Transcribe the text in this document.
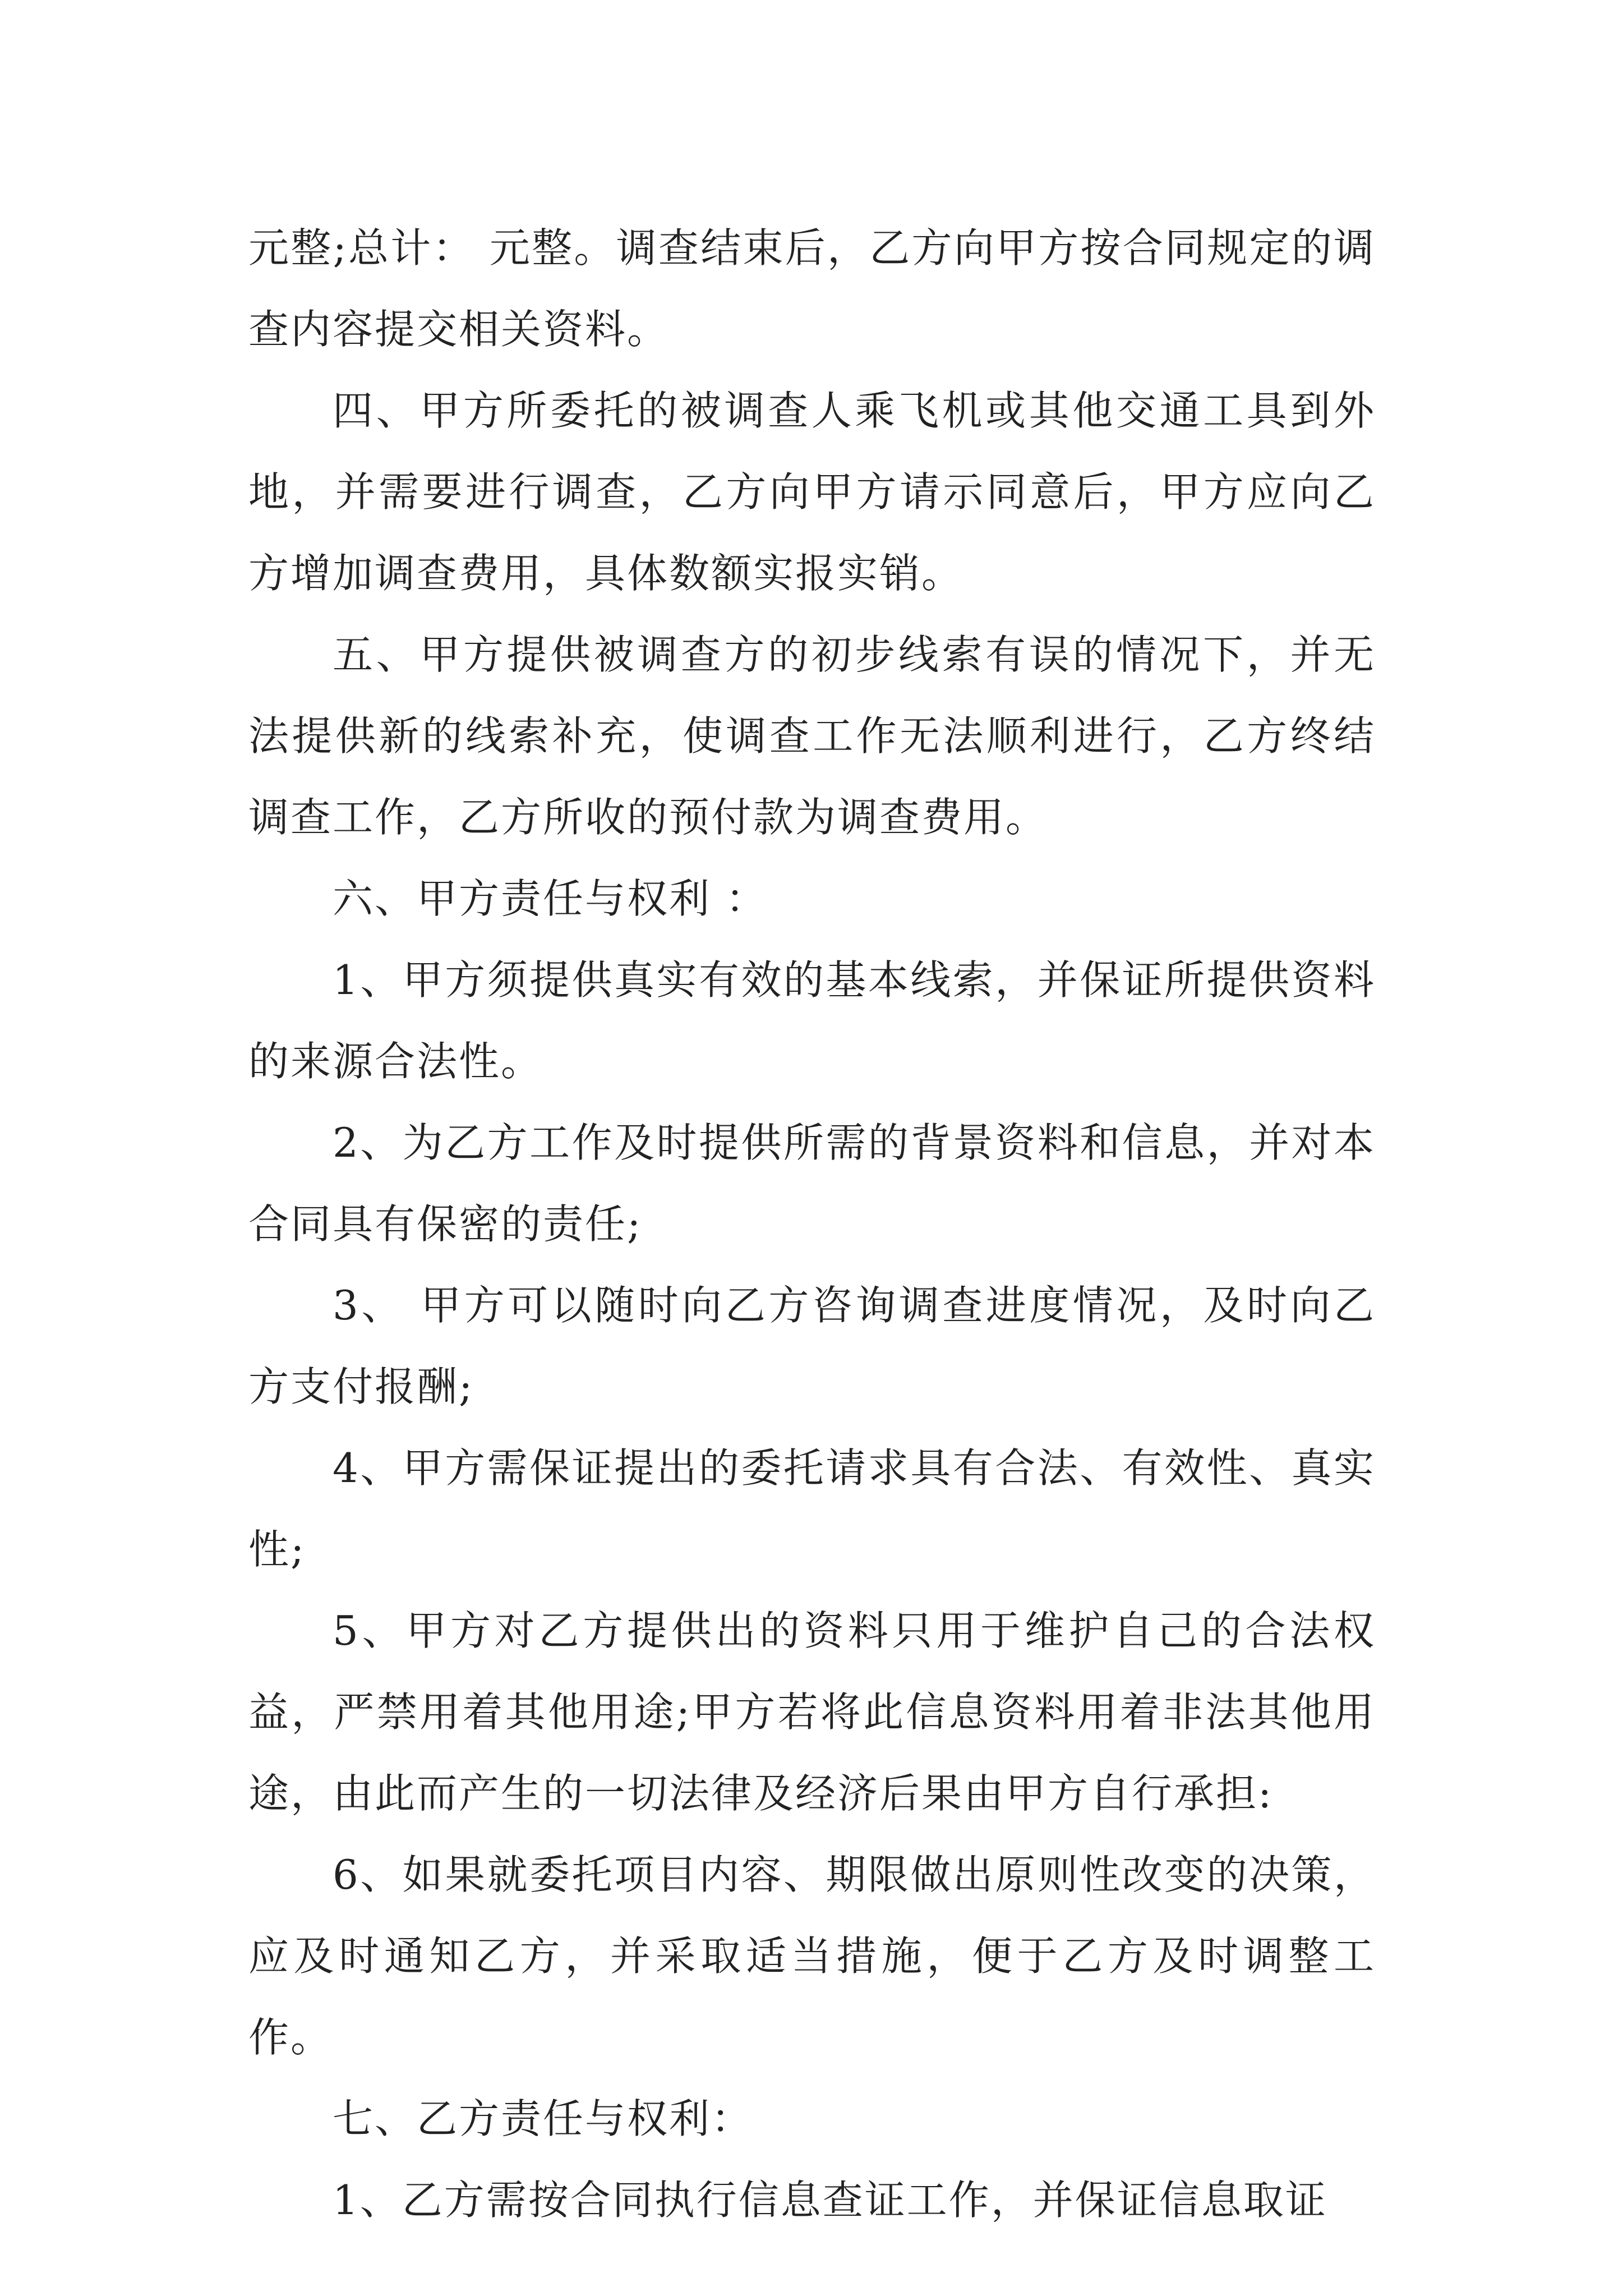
元整;总计： 元整。调查结束后，乙方向甲方按合同规定的调查内容提交相关资料。

四、甲方所委托的被调查人乘飞机或其他交通工具到外地，并需要进行调查，乙方向甲方请示同意后，甲方应向乙方增加调查费用，具体数额实报实销。

五、甲方提供被调查方的初步线索有误的情况下，并无法提供新的线索补充，使调查工作无法顺利进行，乙方终结调查工作，乙方所收的预付款为调查费用。

六、甲方责任与权利 ：

1、甲方须提供真实有效的基本线索，并保证所提供资料的来源合法性。

2、为乙方工作及时提供所需的背景资料和信息，并对本合同具有保密的责任;

3、 甲方可以随时向乙方咨询调查进度情况，及时向乙方支付报酬;

4、甲方需保证提出的委托请求具有合法、有效性、真实性;

5、甲方对乙方提供出的资料只用于维护自己的合法权益，严禁用着其他用途;甲方若将此信息资料用着非法其他用途，由此而产生的一切法律及经济后果由甲方自行承担:

6、如果就委托项目内容、期限做出原则性改变的决策，应及时通知乙方，并采取适当措施，便于乙方及时调整工作。

七、乙方责任与权利：

1、乙方需按合同执行信息查证工作，并保证信息取证
